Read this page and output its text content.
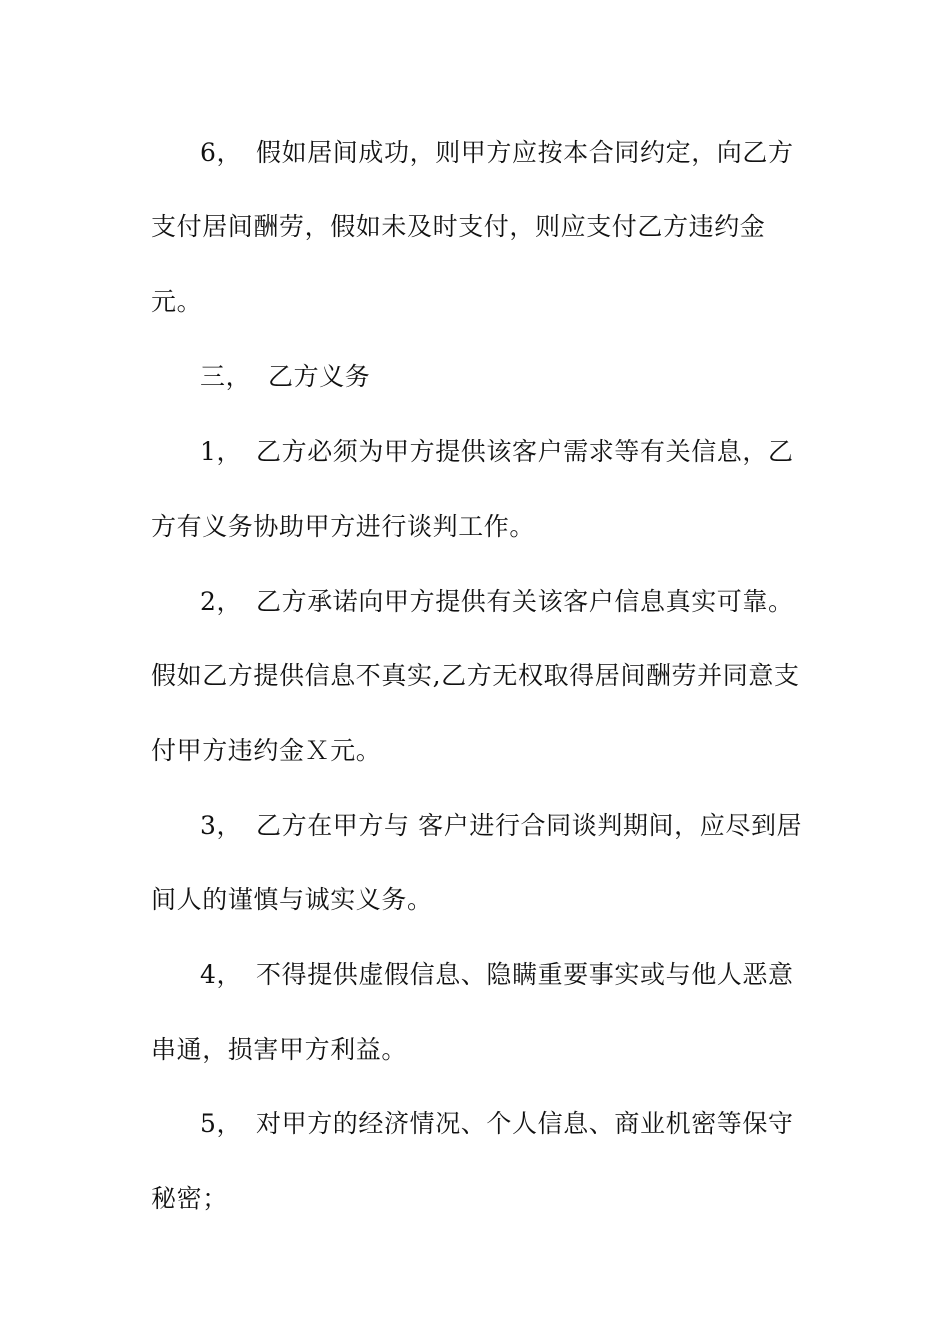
6， 假如居间成功，则甲方应按本合同约定，向乙方
支付居间酬劳，假如未及时支付，则应支付乙方违约金
元。
三， 乙方义务
1， 乙方必须为甲方提供该客户需求等有关信息，乙
方有义务协助甲方进行谈判工作。
2， 乙方承诺向甲方提供有关该客户信息真实可靠。
假如乙方提供信息不真实,乙方无权取得居间酬劳并同意支
付甲方违约金Ｘ元。
3， 乙方在甲方与 客户进行合同谈判期间，应尽到居
间人的谨慎与诚实义务。
4， 不得提供虚假信息、隐瞒重要事实或与他人恶意
串通，损害甲方利益。
5， 对甲方的经济情况、个人信息、商业机密等保守
秘密；
